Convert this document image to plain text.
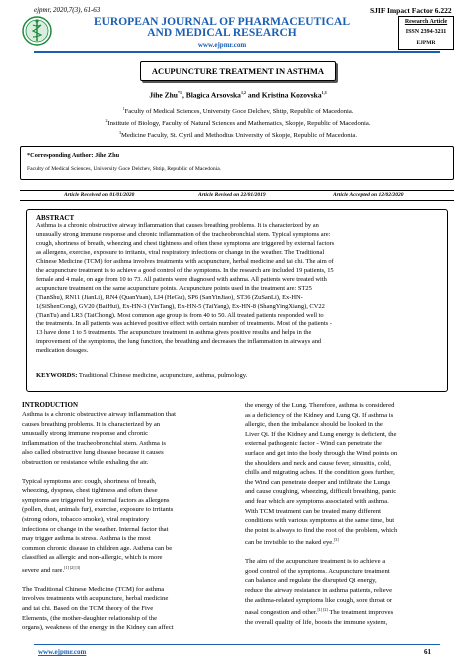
ejpmr, 2020,7(3), 61-63
EUROPEAN JOURNAL OF PHARMACEUTICAL
AND MEDICAL RESEARCH
www.ejpmr.com
SJIF Impact Factor 6.222
Research Article
ISSN 2394-3211
EJPMR
ACUPUNCTURE TREATMENT IN ASTHMA
Jihe Zhu$^{*1}$, Blagica Arsovska$^{1,2}$ and Kristina Kozovska$^{1,3}$
$^1$Faculty of Medical Sciences, University Goce Delchev, Shtip, Republic of Macedonia.
$^2$Institute of Biology, Faculty of Natural Sciences and Mathematics, Skopje, Republic of Macedonia.
$^3$Medicine Faculty, St. Cyril and Methodius University of Skopje, Republic of Macedonia.
*Corresponding Author: Jihe Zhu
Faculty of Medical Sciences, University Goce Delchev, Shtip, Republic of Macedonia.
Article Received on 01/01/2020	Article Revised on 22/01/2019	Article Accepted on 12/02/2020
ABSTRACT
Asthma is a chronic obstructive airway inflammation that causes breathing problems. It is characterized by an
unusually strong immune response and chronic inflammation of the tracheobronchial stem. Typical symptoms are:
cough, shortness of breath, wheezing and chest tightness and often these symptoms are triggered by external factors
as allergens, exercise, exposure to irritants, viral respiratory infections or change in the weather. The Traditional
Chinese Medicine (TCM) for asthma involves treatments with acupuncture, herbal medicine and tai chi. The aim of
the acupuncture treatment is to achieve a good control of the symptoms. In the research are included 19 patients, 15
female and 4 male, on age from 10 to 73. All patients were diagnosed with asthma. All patients were treated with
acupuncture treatment on the same acupuncture points. Acupuncture points used in the treatment are: ST25
(TianShu), RN11 (JianLi), RN4 (QuanYuan), LI4 (HeGu), SP6 (SanYinJiao), ST36 (ZuSanLi), Ex-HN-
1(SiShenCong), GV20 (BaiHui), Ex-HN-3 (YinTang), Ex-HN-5 (TaiYang), Ex-HN-8 (ShangYingXiang), CV22
(TianTu) and LR3 (TaiChong). Most common age group is from 40 to 50. All treated patients responded well to
the treatments. In all patients was achieved positive effect with certain number of treatments. Most of the patients -
13 have done 1 to 5 treatments. The acupuncture treatment in asthma gives positive results and helps in the
improvement of the symptoms, the lung function, the breathing and decreases the inflammation in airways and
medication dosages.
KEYWORDS: Traditional Chinese medicine, acupuncture, asthma, pulmology.
INTRODUCTION
Asthma is a chronic obstructive airway inflammation that
causes breathing problems. It is characterized by an
unusually strong immune response and chronic
inflammation of the tracheobronchial stem. Asthma is
also called obstructive lung disease because it causes
obstruction or resistance while exhaling the air.
Typical symptoms are: cough, shortness of breath,
wheezing, dyspnea, chest tightness and often these
symptoms are triggered by external factors as allergens
(pollen, dust, animals fur), exercise, exposure to irritants
(strong odors, tobacco smoke), viral respiratory
infections or change in the weather. Internal factor that
may trigger asthma is stress. Asthma is the most
common chronic disease in children age. Asthma can be
classified as allergic and non-allergic, which is more
severe and rare.[1] [2] [3]
The Traditional Chinese Medicine (TCM) for asthma
involves treatments with acupuncture, herbal medicine
and tai chi. Based on the TCM theory of the Five
Elements, (the mother-daughter relationship of the
organs), weakness of the energy in the Kidney can affect
the energy of the Lung. Therefore, asthma is considered
as a deficiency of the Kidney and Lung Qi. If asthma is
allergic, then the imbalance should be looked in the
Liver Qi. If the Kidney and Lung energy is deficient, the
external pathogenic factor - Wind can penetrate the
surface and get into the body through the Wind points on
the shoulders and neck and cause fever, sinusitis, cold,
chills and migrating aches. If the condition goes further,
the Wind can penetrate deeper and infiltrate the Lungs
and cause coughing, wheezing, difficult breathing, panic
and fear which are symptoms associated with asthma.
With TCM treatment can be treated many different
conditions with various symptoms at the same time, but
the point is always to find the root of the problem, which
can be invisible to the naked eye.[3]
The aim of the acupuncture treatment is to achieve a
good control of the symptoms. Acupuncture treatment
can balance and regulate the disrupted Qi energy,
reduce the airway resistance in asthma patients, relieve
the asthma-related symptoms like cough, sore throat or
nasal congestion and other.[1] [2] The treatment improves
the overall quality of life, boosts the immune system,
www.ejpmr.com	61
